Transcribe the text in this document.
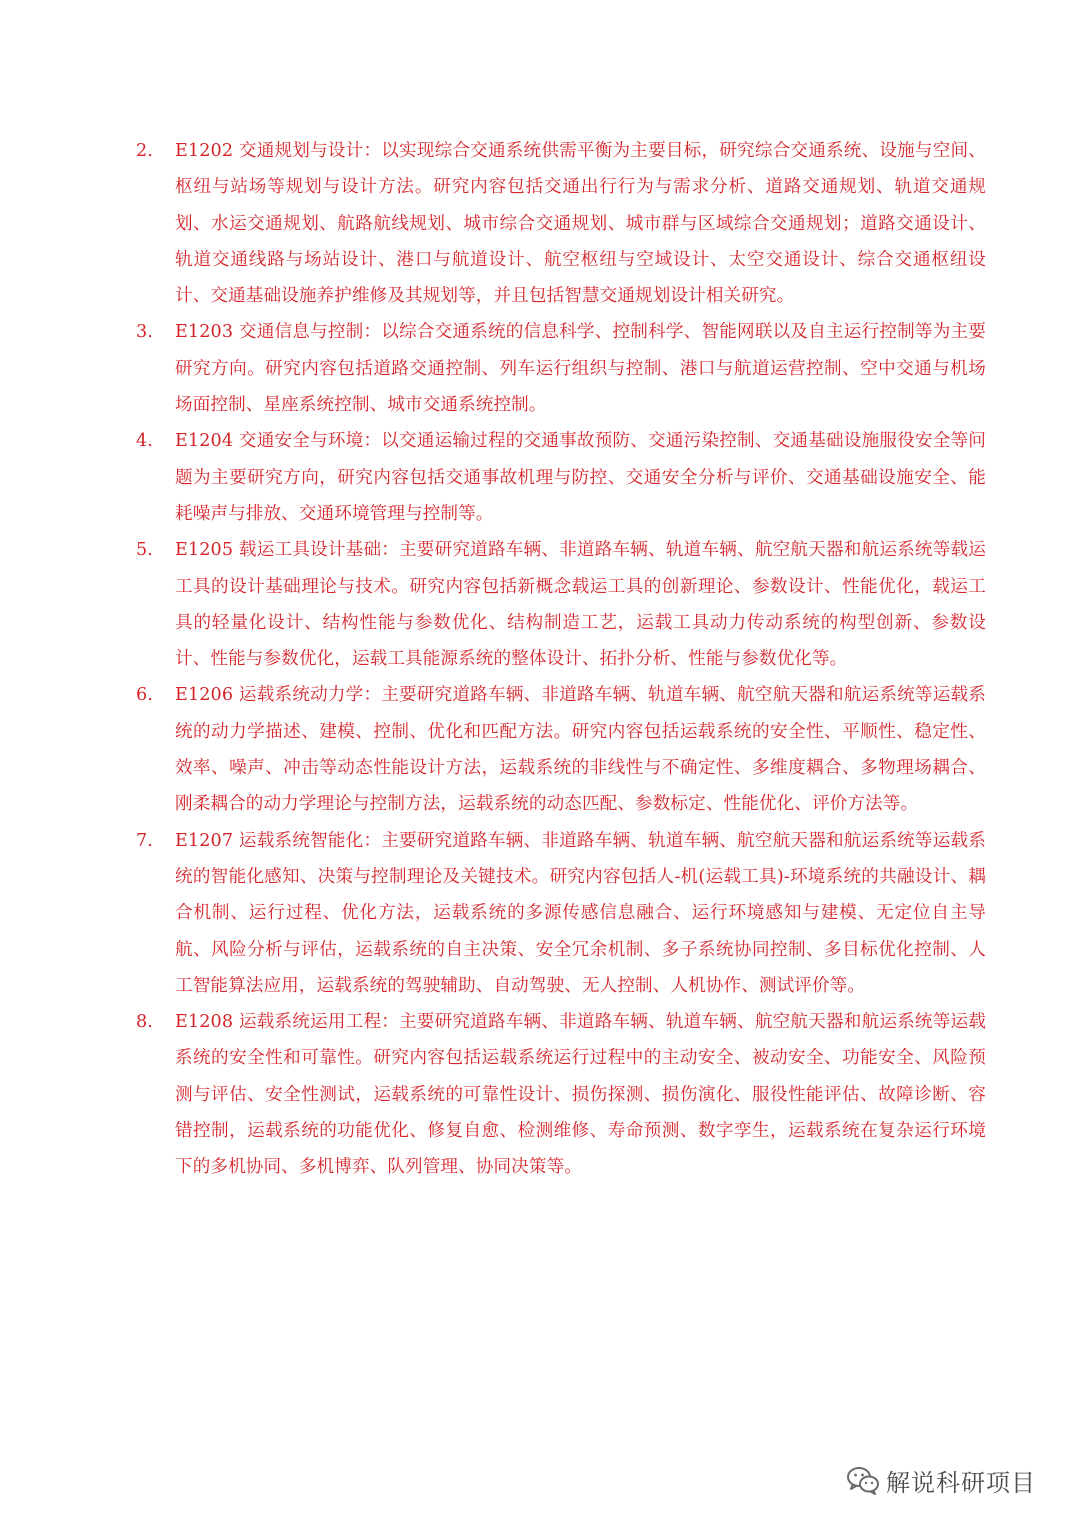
2.	E1202 交通规划与设计：以实现综合交通系统供需平衡为主要目标，研究综合交通系统、设施与空间、枢纽与站场等规划与设计方法。研究内容包括交通出行行为与需求分析、道路交通规划、轨道交通规划、水运交通规划、航路航线规划、城市综合交通规划、城市群与区域综合交通规划；道路交通设计、轨道交通线路与场站设计、港口与航道设计、航空枢纽与空域设计、太空交通设计、综合交通枢纽设计、交通基础设施养护维修及其规划等，并且包括智慧交通规划设计相关研究。
3.	E1203 交通信息与控制：以综合交通系统的信息科学、控制科学、智能网联以及自主运行控制等为主要研究方向。研究内容包括道路交通控制、列车运行组织与控制、港口与航道运营控制、空中交通与机场场面控制、星座系统控制、城市交通系统控制。
4.	E1204 交通安全与环境：以交通运输过程的交通事故预防、交通污染控制、交通基础设施服役安全等问题为主要研究方向，研究内容包括交通事故机理与防控、交通安全分析与评价、交通基础设施安全、能耗噪声与排放、交通环境管理与控制等。
5.	E1205 载运工具设计基础：主要研究道路车辆、非道路车辆、轨道车辆、航空航天器和航运系统等载运工具的设计基础理论与技术。研究内容包括新概念载运工具的创新理论、参数设计、性能优化，载运工具的轻量化设计、结构性能与参数优化、结构制造工艺，运载工具动力传动系统的构型创新、参数设计、性能与参数优化，运载工具能源系统的整体设计、拓扑分析、性能与参数优化等。
6.	E1206 运载系统动力学：主要研究道路车辆、非道路车辆、轨道车辆、航空航天器和航运系统等运载系统的动力学描述、建模、控制、优化和匹配方法。研究内容包括运载系统的安全性、平顺性、稳定性、效率、噪声、冲击等动态性能设计方法，运载系统的非线性与不确定性、多维度耦合、多物理场耦合、刚柔耦合的动力学理论与控制方法，运载系统的动态匹配、参数标定、性能优化、评价方法等。
7.	E1207 运载系统智能化：主要研究道路车辆、非道路车辆、轨道车辆、航空航天器和航运系统等运载系统的智能化感知、决策与控制理论及关键技术。研究内容包括人-机(运载工具)-环境系统的共融设计、耦合机制、运行过程、优化方法，运载系统的多源传感信息融合、运行环境感知与建模、无定位自主导航、风险分析与评估，运载系统的自主决策、安全冗余机制、多子系统协同控制、多目标优化控制、人工智能算法应用，运载系统的驾驶辅助、自动驾驶、无人控制、人机协作、测试评价等。
8.	E1208 运载系统运用工程：主要研究道路车辆、非道路车辆、轨道车辆、航空航天器和航运系统等运载系统的安全性和可靠性。研究内容包括运载系统运行过程中的主动安全、被动安全、功能安全、风险预测与评估、安全性测试，运载系统的可靠性设计、损伤探测、损伤演化、服役性能评估、故障诊断、容错控制，运载系统的功能优化、修复自愈、检测维修、寿命预测、数字孪生，运载系统在复杂运行环境下的多机协同、多机博弈、队列管理、协同决策等。
解说科研项目
